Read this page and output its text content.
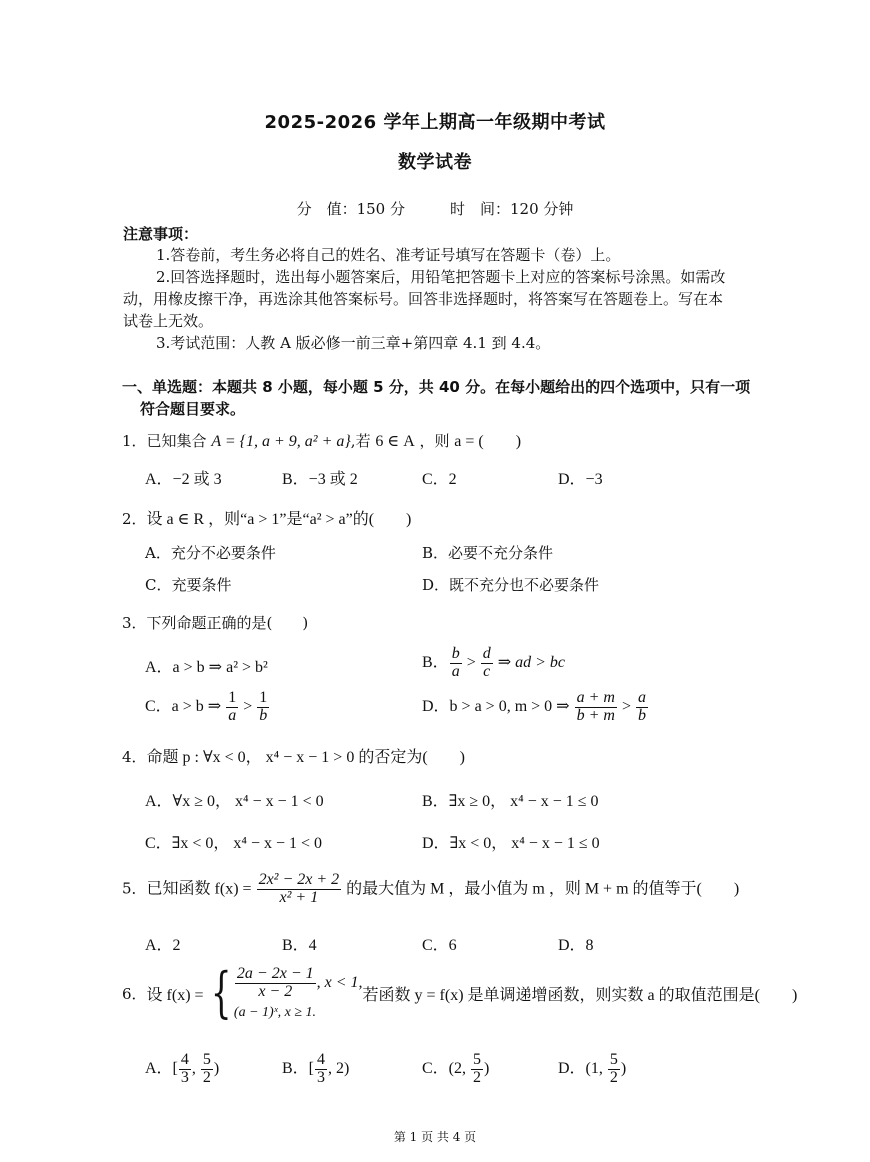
2025-2026 学年上期高一年级期中考试
数学试卷
分　值：150 分　　　时　间：120 分钟
注意事项：
1.答卷前，考生务必将自己的姓名、准考证号填写在答题卡（卷）上。
2.回答选择题时，选出每小题答案后，用铅笔把答题卡上对应的答案标号涂黑。如需改
动，用橡皮擦干净，再选涂其他答案标号。回答非选择题时，将答案写在答题卷上。写在本
试卷上无效。
3.考试范围：人教 A 版必修一前三章+第四章 4.1 到 4.4。
一、单选题：本题共 8 小题，每小题 5 分，共 40 分。在每小题给出的四个选项中，只有一项
符合题目要求。
1．已知集合 A = {1, a + 9, a² + a},若 6 ∈ A ，则 a = (　　)
A．−2 或 3	B．−3 或 2	C．2	D．−3
2．设 a ∈ R ，则“a > 1”是“a² > a”的(　　)
A．充分不必要条件	B．必要不充分条件
C．充要条件	D．既不充分也不必要条件
3．下列命题正确的是(　　)
A．a > b ⇒ a² > b²	B． $\frac{b}{a} > \frac{d}{c}$ ⇒ ad > bc
C．a > b ⇒ $\frac{1}{a} > \frac{1}{b}$	D．b > a > 0, m > 0 ⇒ $\frac{a + m}{b + m} > \frac{a}{b}$
4．命题 p : ∀x < 0， x⁴ − x − 1 > 0 的否定为(　　)
A．∀x ≥ 0， x⁴ − x − 1 < 0	B．∃x ≥ 0， x⁴ − x − 1 ≤ 0
C．∃x < 0， x⁴ − x − 1 < 0	D．∃x < 0， x⁴ − x − 1 ≤ 0
5．已知函数 $f(x) = \frac{\text{2x² − 2x + 2}}{\text{x² + 1}}$ 的最大值为 M ，最小值为 m ，则 M + m 的值等于(　　)
A．2	B．4	C．6	D．8
6． 设 f(x) = { $\frac{2a - 2x - 1}{x - 2}$ , x < 1,
(a − 1)ˣ, x ≥ 1.
若函数 y = f(x) 是单调递增函数，则实数 a 的取值范围是(　　)
A．[ $\frac{4}{3}$ , $\frac{5}{2}$ )	B．[ $\frac{4}{3}$ , 2)	C．(2, $\frac{5}{2}$ )	D．(1, $\frac{5}{2}$ )
第 1 页 共 4 页
